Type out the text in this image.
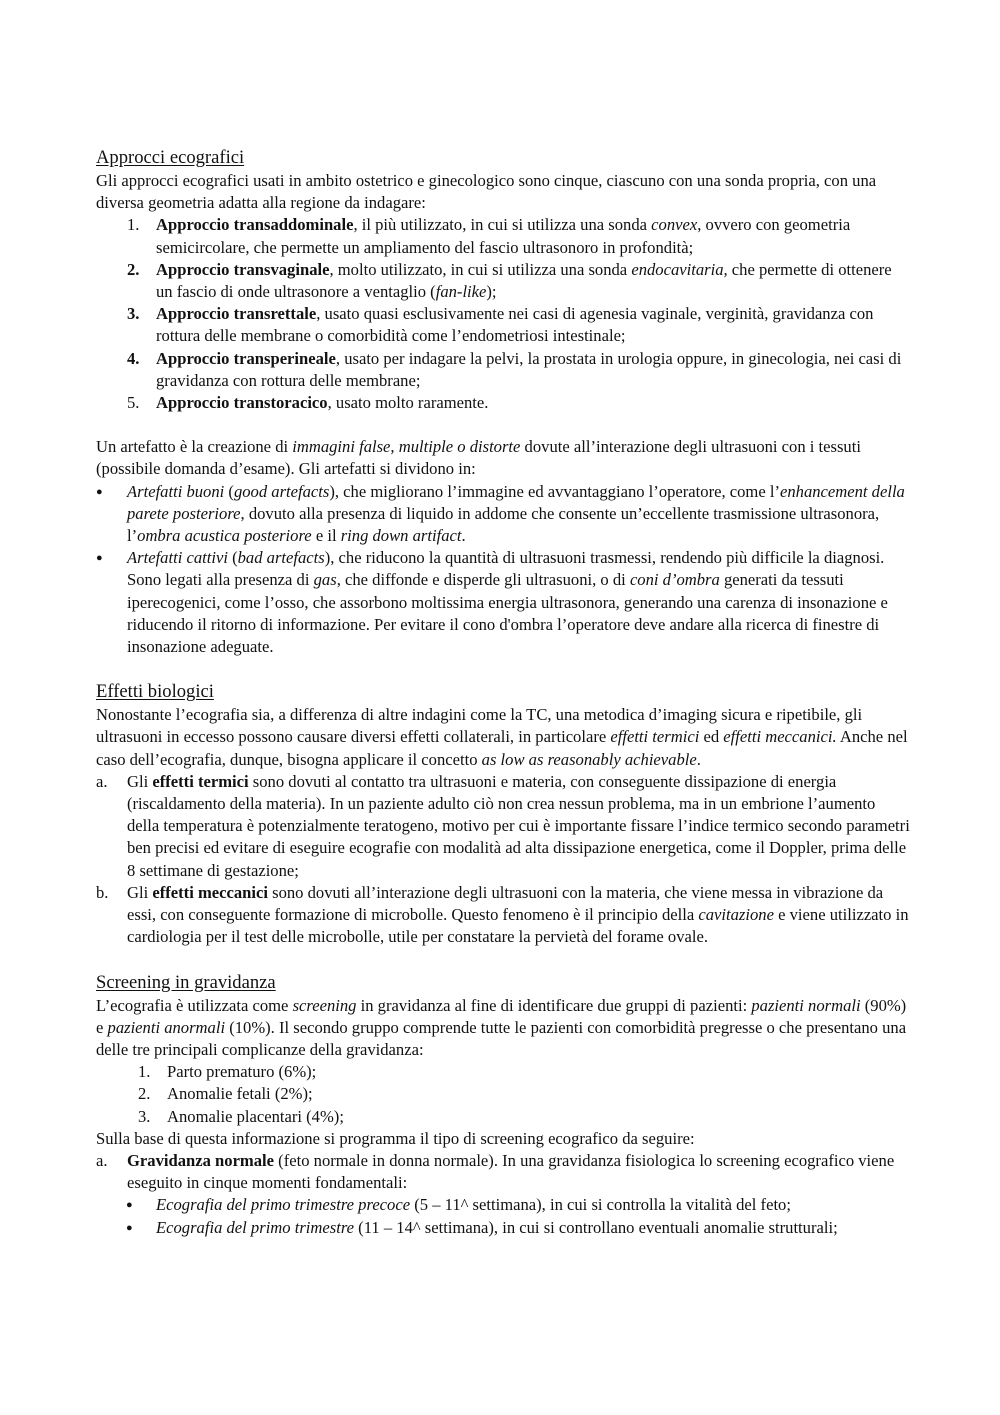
Approcci ecografici

Gli approcci ecografici usati in ambito ostetrico e ginecologico sono cinque, ciascuno con una sonda propria, con una diversa geometria adatta alla regione da indagare:

1. Approccio transaddominale, il più utilizzato, in cui si utilizza una sonda convex, ovvero con geometria semicircolare, che permette un ampliamento del fascio ultrasonoro in profondità;
2. Approccio transvaginale, molto utilizzato, in cui si utilizza una sonda endocavitaria, che permette di ottenere un fascio di onde ultrasonore a ventaglio (fan-like);
3. Approccio transrettale, usato quasi esclusivamente nei casi di agenesia vaginale, verginità, gravidanza con rottura delle membrane o comorbidità come l’endometriosi intestinale;
4. Approccio transperineale, usato per indagare la pelvi, la prostata in urologia oppure, in ginecologia, nei casi di gravidanza con rottura delle membrane;
5. Approccio transtoracico, usato molto raramente.

Un artefatto è la creazione di immagini false, multiple o distorte dovute all’interazione degli ultrasuoni con i tessuti (possibile domanda d’esame). Gli artefatti si dividono in:

● Artefatti buoni (good artefacts), che migliorano l’immagine ed avvantaggiano l’operatore, come l’enhancement della parete posteriore, dovuto alla presenza di liquido in addome che consente un’eccellente trasmissione ultrasonora, l’ombra acustica posteriore e il ring down artifact.
● Artefatti cattivi (bad artefacts), che riducono la quantità di ultrasuoni trasmessi, rendendo più difficile la diagnosi. Sono legati alla presenza di gas, che diffonde e disperde gli ultrasuoni, o di coni d’ombra generati da tessuti iperecogenici, come l’osso, che assorbono moltissima energia ultrasonora, generando una carenza di insonazione e riducendo il ritorno di informazione. Per evitare il cono d'ombra l’operatore deve andare alla ricerca di finestre di insonazione adeguate.
Effetti biologici

Nonostante l’ecografia sia, a differenza di altre indagini come la TC, una metodica d’imaging sicura e ripetibile, gli ultrasuoni in eccesso possono causare diversi effetti collaterali, in particolare effetti termici ed effetti meccanici. Anche nel caso dell’ecografia, dunque, bisogna applicare il concetto as low as reasonably achievable.

a. Gli effetti termici sono dovuti al contatto tra ultrasuoni e materia, con conseguente dissipazione di energia (riscaldamento della materia). In un paziente adulto ciò non crea nessun problema, ma in un embrione l’aumento della temperatura è potenzialmente teratogeno, motivo per cui è importante fissare l’indice termico secondo parametri ben precisi ed evitare di eseguire ecografie con modalità ad alta dissipazione energetica, come il Doppler, prima delle 8 settimane di gestazione;
b. Gli effetti meccanici sono dovuti all’interazione degli ultrasuoni con la materia, che viene messa in vibrazione da essi, con conseguente formazione di microbolle. Questo fenomeno è il principio della cavitazione e viene utilizzato in cardiologia per il test delle microbolle, utile per constatare la pervietà del forame ovale.
Screening in gravidanza

L’ecografia è utilizzata come screening in gravidanza al fine di identificare due gruppi di pazienti: pazienti normali (90%) e pazienti anormali (10%). Il secondo gruppo comprende tutte le pazienti con comorbidità pregresse o che presentano una delle tre principali complicanze della gravidanza:

1. Parto prematuro (6%);
2. Anomalie fetali (2%);
3. Anomalie placentari (4%);

Sulla base di questa informazione si programma il tipo di screening ecografico da seguire:

a. Gravidanza normale (feto normale in donna normale). In una gravidanza fisiologica lo screening ecografico viene eseguito in cinque momenti fondamentali:
● Ecografia del primo trimestre precoce (5 – 11^ settimana), in cui si controlla la vitalità del feto;
● Ecografia del primo trimestre (11 – 14^ settimana), in cui si controllano eventuali anomalie strutturali;
